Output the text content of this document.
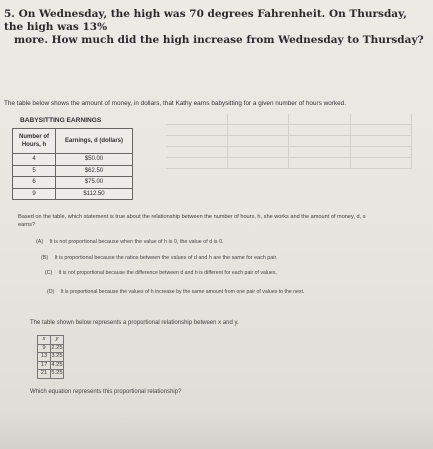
5. On Wednesday, the high was 70 degrees Fahrenheit. On Thursday, the high was 13%
more. How much did the high increase from Wednesday to Thursday?

The table below shows the amount of money, in dollars, that Kathy earns babysitting for a given number of hours worked.
BABYSITTING EARNINGS
Number of Hours, h	Earnings, d (dollars)
4	$50.00
5	$62.50
6	$75.00
9	$112.50
Based on the table, which statement is true about the relationship between the number of hours, h, she works and the amount of money, d, s
earns?
(A) It is not proportional because when the value of h is 0, the value of d is 0.
(B) It is proportional because the ratios between the values of d and h are the same for each pair.
(C) It is not proportional because the difference between d and h is different for each pair of values.
(D) It is proportional because the values of h increase by the same amount from one pair of values to the next.
The table shown below represents a proportional relationship between x and y.
x	y
9	2.25
13	3.25
17	4.25
21	5.25
Which equation represents this proportional relationship?
